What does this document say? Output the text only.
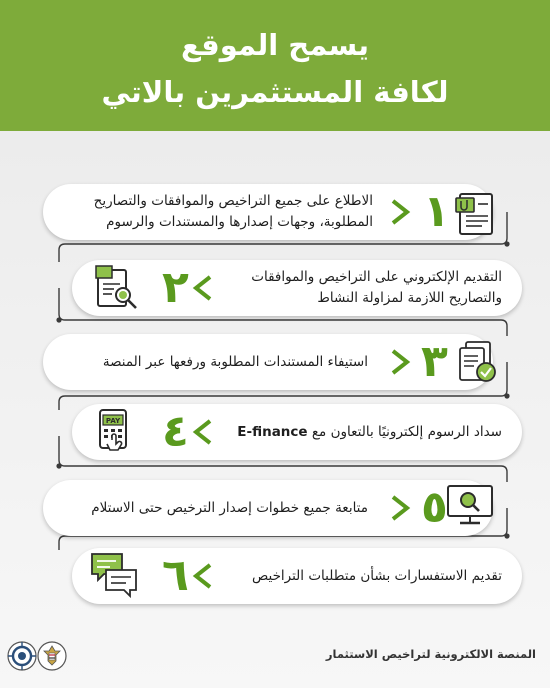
يسمح الموقع
لكافة المستثمرين بالاتي
الاطلاع على جميع التراخيص والموافقات والتصاريح
المطلوبة، وجهات إصدارها والمستندات والرسوم ١
التقديم الإلكتروني على التراخيص والموافقات
والتصاريح اللازمة لمزاولة النشاط
٢
استيفاء المستندات المطلوبة ورفعها عبر المنصة ٣
سداد الرسوم إلكترونيًا بالتعاون مع E-finance
٤
PAY
متابعة جميع خطوات إصدار الترخيص حتى الاستلام ٥
تقديم الاستفسارات بشأن متطلبات التراخيص
٦
المنصة الالكترونية لتراخيص الاستثمار
